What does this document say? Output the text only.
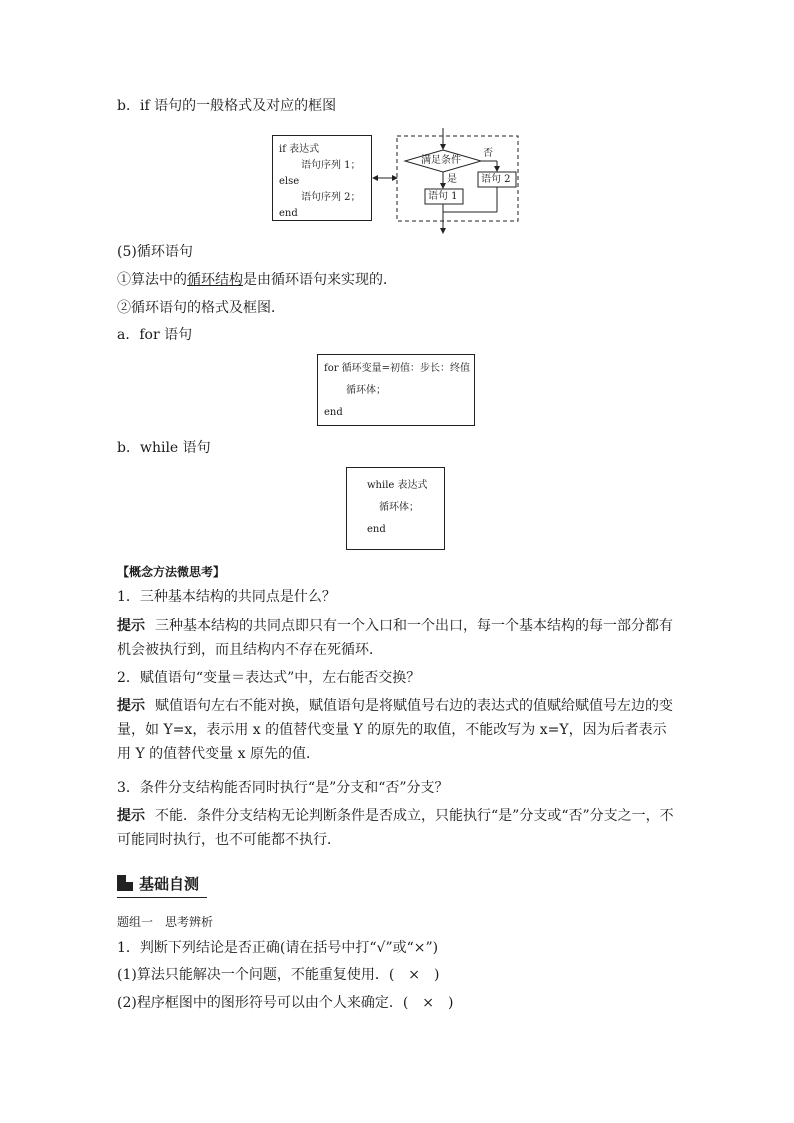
b．if 语句的一般格式及对应的框图
if 表达式
语句序列 1；
else
语句序列 2；
end
满足条件
否
是 语句 2
语句 1
(5)循环语句
①算法中的循环结构是由循环语句来实现的．
②循环语句的格式及框图．
a．for 语句
for 循环变量=初值：步长：终值
循环体；
end
b．while 语句
while 表达式
循环体；
end
【概念方法微思考】
1．三种基本结构的共同点是什么？
提示 三种基本结构的共同点即只有一个入口和一个出口，每一个基本结构的每一部分都有机会被执行到，而且结构内不存在死循环．
2．赋值语句“变量＝表达式”中，左右能否交换？
提示 赋值语句左右不能对换，赋值语句是将赋值号右边的表达式的值赋给赋值号左边的变量，如 Y=x，表示用 x 的值替代变量 Y 的原先的取值，不能改写为 x=Y，因为后者表示用 Y 的值替代变量 x 原先的值．
3．条件分支结构能否同时执行“是”分支和“否”分支？
提示 不能．条件分支结构无论判断条件是否成立，只能执行“是”分支或“否”分支之一，不可能同时执行，也不可能都不执行．
基础自测
题组一　思考辨析
1．判断下列结论是否正确(请在括号中打“√”或“×”)
(1)算法只能解决一个问题，不能重复使用．(　×　)
(2)程序框图中的图形符号可以由个人来确定．(　×　)
